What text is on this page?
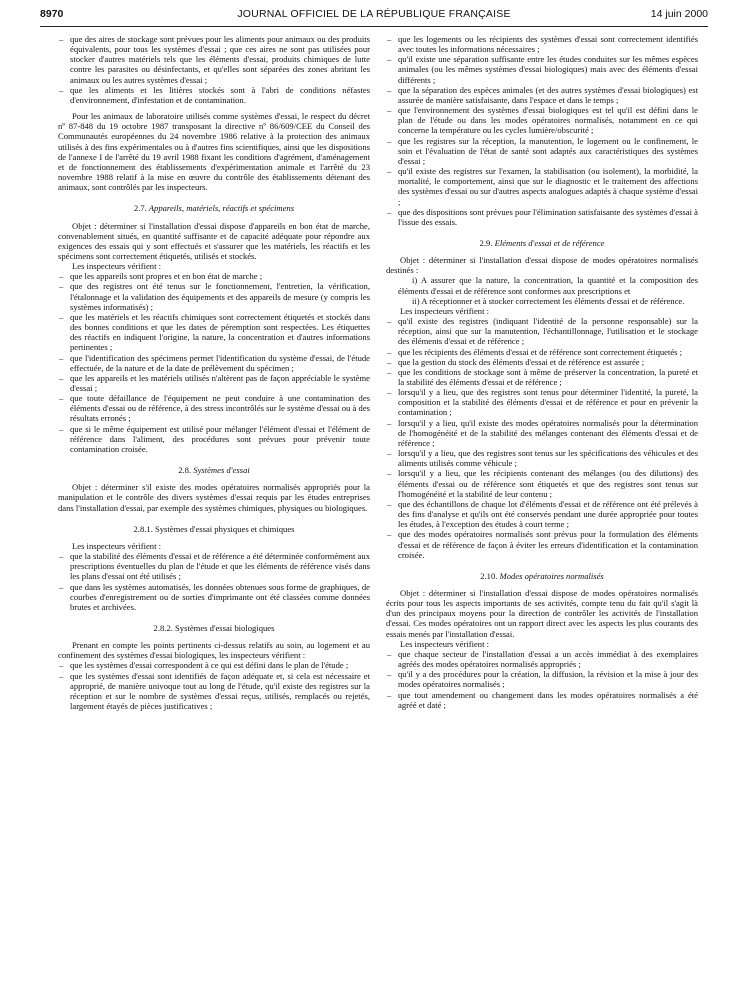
8970	JOURNAL OFFICIEL DE LA RÉPUBLIQUE FRANÇAISE	14 juin 2000
– que des aires de stockage sont prévues pour les aliments pour animaux ou des produits équivalents, pour tous les systèmes d'essai ; que ces aires ne sont pas utilisées pour stocker d'autres matériels tels que les éléments d'essai, produits chimiques de lutte contre les parasites ou désinfectants, et qu'elles sont séparées des zones abritant les animaux ou les autres systèmes d'essai ;
– que les aliments et les litières stockés sont à l'abri de conditions néfastes d'environnement, d'infestation et de contamination.

Pour les animaux de laboratoire utilisés comme systèmes d'essai, le respect du décret nº 87-848 du 19 octobre 1987 transposant la directive nº 86/609/CEE du Conseil des Communautés européennes du 24 novembre 1986 relative à la protection des animaux utilisés à des fins expérimentales ou à d'autres fins scientifiques, ainsi que les dispositions de l'annexe I de l'arrêté du 19 avril 1988 fixant les conditions d'agrément, d'aménagement et de fonctionnement des établissements d'expérimentation animale et l'arrêté du 23 novembre 1988 relatif à la mise en œuvre du contrôle des établissements détenant des animaux, sont contrôlés par les inspecteurs.

2.7. Appareils, matériels, réactifs et spécimens

Objet : déterminer si l'installation d'essai dispose d'appareils en bon état de marche, convenablement situés, en quantité suffisante et de capacité adéquate pour répondre aux exigences des essais qui y sont effectués et s'assurer que les matériels, les réactifs et les spécimens sont correctement étiquetés, utilisés et stockés.

Les inspecteurs vérifient :

– que les appareils sont propres et en bon état de marche ;
– que des registres ont été tenus sur le fonctionnement, l'entretien, la vérification, l'étalonnage et la validation des équipements et des appareils de mesure (y compris les systèmes informatisés) ;
– que les matériels et les réactifs chimiques sont correctement étiquetés et stockés dans des bonnes conditions et que les dates de péremption sont respectées. Les étiquettes des réactifs en indiquent l'origine, la nature, la concentration et d'autres informations pertinentes ;
– que l'identification des spécimens permet l'identification du système d'essai, de l'étude effectuée, de la nature et de la date de prélèvement du spécimen ;
– que les appareils et les matériels utilisés n'altèrent pas de façon appréciable le système d'essai ;
– que toute défaillance de l'équipement ne peut conduire à une contamination des éléments d'essai ou de référence, à des stress incontrôlés sur le système d'essai ou à des résultats erronés ;
– que si le même équipement est utilisé pour mélanger l'élément d'essai et l'élément de référence dans l'aliment, des procédures sont prévues pour prévenir toute contamination croisée.
2.8. Systèmes d'essai

Objet : déterminer s'il existe des modes opératoires normalisés appropriés pour la manipulation et le contrôle des divers systèmes d'essai requis par les études entreprises dans l'installation d'essai, par exemple des systèmes chimiques, physiques ou biologiques.

2.8.1. Systèmes d'essai physiques et chimiques

Les inspecteurs vérifient :

– que la stabilité des éléments d'essai et de référence a été déterminée conformément aux prescriptions éventuelles du plan de l'étude et que les éléments de référence visés dans les plans d'essai ont été utilisés ;
– que dans les systèmes automatisés, les données obtenues sous forme de graphiques, de courbes d'enregistrement ou de sorties d'imprimante ont été classées comme données brutes et archivées.
2.8.2. Systèmes d'essai biologiques

Prenant en compte les points pertinents ci-dessus relatifs au soin, au logement et au confinement des systèmes d'essai biologiques, les inspecteurs vérifient :

– que les systèmes d'essai correspondent à ce qui est défini dans le plan de l'étude ;
– que les systèmes d'essai sont identifiés de façon adéquate et, si cela est nécessaire et approprié, de manière univoque tout au long de l'étude, qu'il existe des registres sur la réception et sur le nombre de systèmes d'essai reçus, utilisés, remplacés ou rejetés, largement étayés de pièces justificatives ;
– que les logements ou les récipients des systèmes d'essai sont correctement identifiés avec toutes les informations nécessaires ;
– qu'il existe une séparation suffisante entre les études conduites sur les mêmes espèces animales (ou les mêmes systèmes d'essai biologiques) mais avec des éléments d'essai différents ;
– que la séparation des espèces animales (et des autres systèmes d'essai biologiques) est assurée de manière satisfaisante, dans l'espace et dans le temps ;
– que l'environnement des systèmes d'essai biologiques est tel qu'il est défini dans le plan de l'étude ou dans les modes opératoires normalisés, notamment en ce qui concerne la température ou les cycles lumière/obscurité ;
– que les registres sur la réception, la manutention, le logement ou le confinement, le soin et l'évaluation de l'état de santé sont adaptés aux caractéristiques des systèmes d'essai ;
– qu'il existe des registres sur l'examen, la stabilisation (ou isolement), la morbidité, la mortalité, le comportement, ainsi que sur le diagnostic et le traitement des affections des systèmes d'essai ou sur d'autres aspects analogues adaptés à chaque système d'essai ;
– que des dispositions sont prévues pour l'élimination satisfaisante des systèmes d'essai à l'issue des essais.
2.9. Eléments d'essai et de référence

Objet : déterminer si l'installation d'essai dispose de modes opératoires normalisés destinés :

i) A assurer que la nature, la concentration, la quantité et la composition des éléments d'essai et de référence sont conformes aux prescriptions et

ii) A réceptionner et à stocker correctement les éléments d'essai et de référence.

Les inspecteurs vérifient :

– qu'il existe des registres (indiquant l'identité de la personne responsable) sur la réception, ainsi que sur la manutention, l'échantillonnage, l'utilisation et le stockage des éléments d'essai et de référence ;
– que les récipients des éléments d'essai et de référence sont correctement étiquetés ;
– que la gestion du stock des éléments d'essai et de référence est assurée ;
– que les conditions de stockage sont à même de préserver la concentration, la pureté et la stabilité des éléments d'essai et de référence ;
– lorsqu'il y a lieu, que des registres sont tenus pour déterminer l'identité, la pureté, la composition et la stabilité des éléments d'essai et de référence et pour en prévenir la contamination ;
– lorsqu'il y a lieu, qu'il existe des modes opératoires normalisés pour la détermination de l'homogénéité et de la stabilité des mélanges contenant des éléments d'essai et de référence ;
– lorsqu'il y a lieu, que des registres sont tenus sur les spécifications des véhicules et des aliments utilisés comme véhicule ;
– lorsqu'il y a lieu, que les récipients contenant des mélanges (ou des dilutions) des éléments d'essai ou de référence sont étiquetés et que des registres sont tenus sur l'homogénéité et la stabilité de leur contenu ;
– que des échantillons de chaque lot d'éléments d'essai et de référence ont été prélevés à des fins d'analyse et qu'ils ont été conservés pendant une durée appropriée pour toutes les études, à l'exception des études à court terme ;
– que des modes opératoires normalisés sont prévus pour la formulation des éléments d'essai et de référence de façon à éviter les erreurs d'identification et la contamination croisée.
2.10. Modes opératoires normalisés

Objet : déterminer si l'installation d'essai dispose de modes opératoires normalisés écrits pour tous les aspects importants de ses activités, compte tenu du fait qu'il s'agit là d'un des principaux moyens pour la direction de contrôler les activités de l'installation d'essai. Ces modes opératoires ont un rapport direct avec les aspects les plus courants des essais menés par l'installation d'essai.

Les inspecteurs vérifient :

– que chaque secteur de l'installation d'essai a un accès immédiat à des exemplaires agréés des modes opératoires normalisés appropriés ;
– qu'il y a des procédures pour la création, la diffusion, la révision et la mise à jour des modes opératoires normalisés ;
– que tout amendement ou changement dans les modes opératoires normalisés a été agréé et daté ;
